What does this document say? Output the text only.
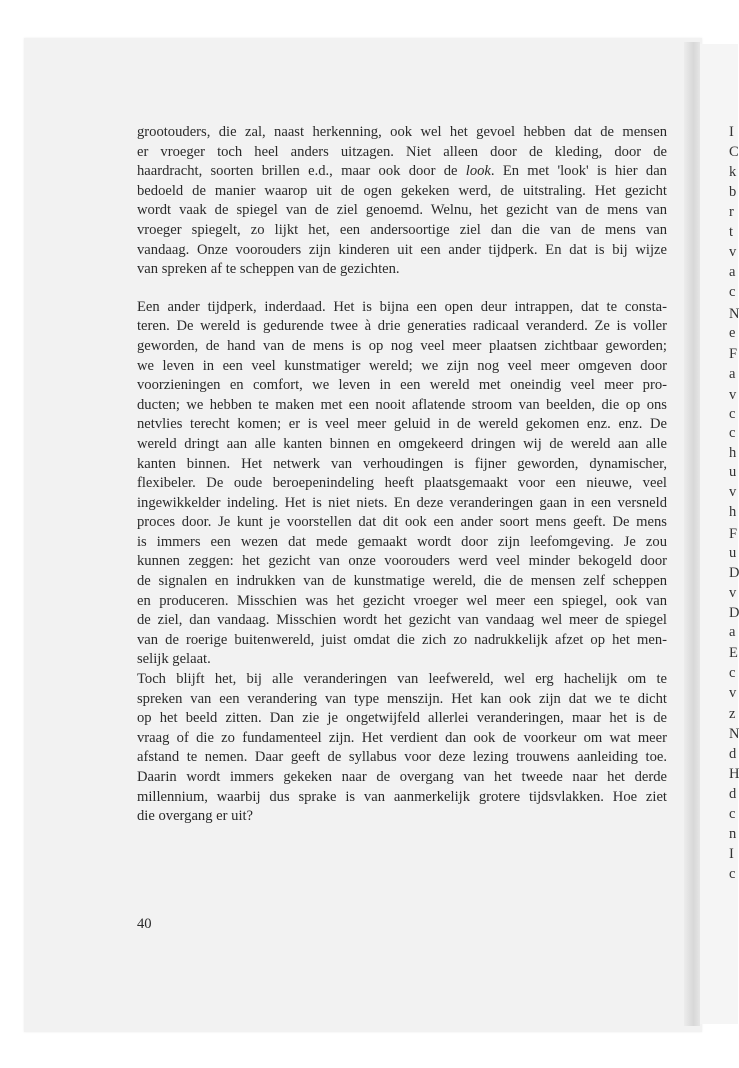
I
C
k
b
r
t
v
a
c
N
e
F
a
v
c
c
h
u
v
h
F
u
D
v
D
a
E
c
v
z
N
d
H
d
c
n
I
c
grootouders, die zal, naast herkenning, ook wel het gevoel hebben dat de mensen
er vroeger toch heel anders uitzagen. Niet alleen door de kleding, door de
haardracht, soorten brillen e.d., maar ook door de look. En met 'look' is hier dan
bedoeld de manier waarop uit de ogen gekeken werd, de uitstraling. Het gezicht
wordt vaak de spiegel van de ziel genoemd. Welnu, het gezicht van de mens van
vroeger spiegelt, zo lijkt het, een andersoortige ziel dan die van de mens van
vandaag. Onze voorouders zijn kinderen uit een ander tijdperk. En dat is bij wijze
van spreken af te scheppen van de gezichten.
Een ander tijdperk, inderdaad. Het is bijna een open deur intrappen, dat te consta-
teren. De wereld is gedurende twee à drie generaties radicaal veranderd. Ze is voller
geworden, de hand van de mens is op nog veel meer plaatsen zichtbaar geworden;
we leven in een veel kunstmatiger wereld; we zijn nog veel meer omgeven door
voorzieningen en comfort, we leven in een wereld met oneindig veel meer pro-
ducten; we hebben te maken met een nooit aflatende stroom van beelden, die op ons
netvlies terecht komen; er is veel meer geluid in de wereld gekomen enz. enz. De
wereld dringt aan alle kanten binnen en omgekeerd dringen wij de wereld aan alle
kanten binnen. Het netwerk van verhoudingen is fijner geworden, dynamischer,
flexibeler. De oude beroepenindeling heeft plaatsgemaakt voor een nieuwe, veel
ingewikkelder indeling. Het is niet niets. En deze veranderingen gaan in een versneld
proces door. Je kunt je voorstellen dat dit ook een ander soort mens geeft. De mens
is immers een wezen dat mede gemaakt wordt door zijn leefomgeving. Je zou
kunnen zeggen: het gezicht van onze voorouders werd veel minder bekogeld door
de signalen en indrukken van de kunstmatige wereld, die de mensen zelf scheppen
en produceren. Misschien was het gezicht vroeger wel meer een spiegel, ook van
de ziel, dan vandaag. Misschien wordt het gezicht van vandaag wel meer de spiegel
van de roerige buitenwereld, juist omdat die zich zo nadrukkelijk afzet op het men-
selijk gelaat.
Toch blijft het, bij alle veranderingen van leefwereld, wel erg hachelijk om te
spreken van een verandering van type menszijn. Het kan ook zijn dat we te dicht
op het beeld zitten. Dan zie je ongetwijfeld allerlei veranderingen, maar het is de
vraag of die zo fundamenteel zijn. Het verdient dan ook de voorkeur om wat meer
afstand te nemen. Daar geeft de syllabus voor deze lezing trouwens aanleiding toe.
Daarin wordt immers gekeken naar de overgang van het tweede naar het derde
millennium, waarbij dus sprake is van aanmerkelijk grotere tijdsvlakken. Hoe ziet
die overgang er uit?
40
